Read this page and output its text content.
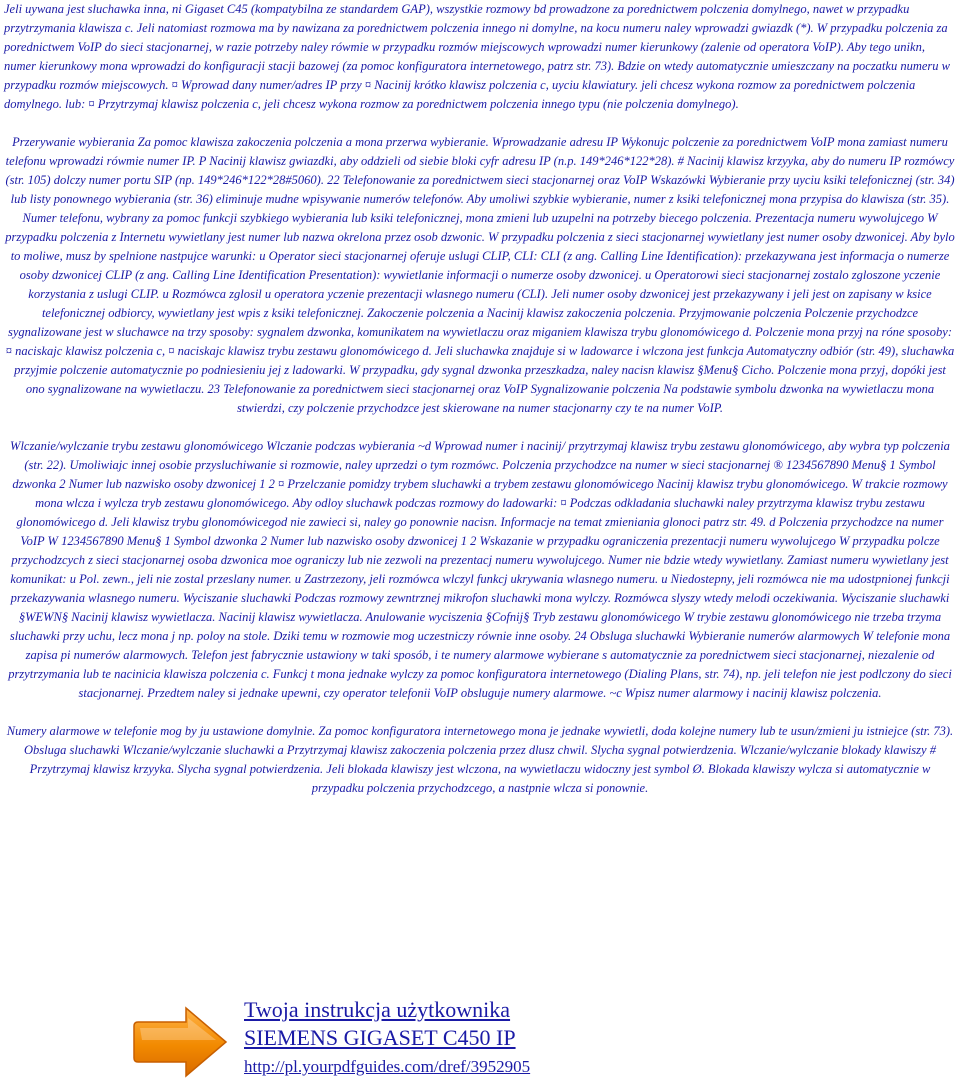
Jeli uywana jest sluchawka inna, ni Gigaset C45 (kompatybilna ze standardem GAP), wszystkie rozmowy bd prowadzone za porednictwem polczenia domylnego, nawet w przypadku przytrzymania klawisza c. Jeli natomiast rozmowa ma by nawizana za porednictwem polczenia innego ni domylne, na kocu numeru naley wprowadzi gwiazdk (*). W przypadku polczenia za porednictwem VoIP do sieci stacjonarnej, w razie potrzeby naley rówmie w przypadku rozmów miejscowych wprowadzi numer kierunkowy (zalenie od operatora VoIP). Aby tego unikn, numer kierunkowy mona wprowadzi do konfiguracji stacji bazowej (za pomoc konfiguratora internetowego, patrz str. 73). Bdzie on wtedy automatycznie umieszczany na poczatku numeru w przypadku rozmów miejscowych. ¤ Wprowad dany numer/adres IP przy ¤ Nacinij krótko klawisz polczenia c, uyciu klawiatury. jeli chcesz wykona rozmow za porednictwem polczenia domylnego. lub: ¤ Przytrzymaj klawisz polczenia c, jeli chcesz wykona rozmow za porednictwem polczenia innego typu (nie polczenia domylnego).

Przerywanie wybierania Za pomoc klawisza zakoczenia polczenia a mona przerwa wybieranie. Wprowadzanie adresu IP Wykonujc polczenie za porednictwem VoIP mona zamiast numeru telefonu wprowadzi rówmie numer IP. P Nacinij klawisz gwiazdki, aby oddzieli od siebie bloki cyfr adresu IP (n.p. 149*246*122*28). # Nacinij klawisz krzyyka, aby do numeru IP rozmówcy (str. 105) dolczy numer portu SIP (np. 149*246*122*28#5060). 22 Telefonowanie za porednictwem sieci stacjonarnej oraz VoIP Wskazówki Wybieranie przy uyciu ksiki telefonicznej (str. 34) lub listy ponownego wybierania (str. 36) eliminuje mudne wpisywanie numerów telefonów. Aby umoliwi szybkie wybieranie, numer z ksiki telefonicznej mona przypisa do klawisza (str. 35). Numer telefonu, wybrany za pomoc funkcji szybkiego wybierania lub ksiki telefonicznej, mona zmieni lub uzupelni na potrzeby biecego polczenia. Prezentacja numeru wywolujcego W przypadku polczenia z Internetu wywietlany jest numer lub nazwa okrelona przez osob dzwonic. W przypadku polczenia z sieci stacjonarnej wywietlany jest numer osoby dzwonicej. Aby bylo to moliwe, musz by spelnione nastpujce warunki: u Operator sieci stacjonarnej oferuje uslugi CLIP, CLI: CLI (z ang. Calling Line Identification): przekazywana jest informacja o numerze osoby dzwonicej CLIP (z ang. Calling Line Identification Presentation): wywietlanie informacji o numerze osoby dzwonicej. u Operatorowi sieci stacjonarnej zostalo zgloszone yczenie korzystania z uslugi CLIP. u Rozmówca zglosil u operatora yczenie prezentacji wlasnego numeru (CLI). Jeli numer osoby dzwonicej jest przekazywany i jeli jest on zapisany w ksice telefonicznej odbiorcy, wywietlany jest wpis z ksiki telefonicznej. Zakoczenie polczenia a Nacinij klawisz zakoczenia polczenia. Przyjmowanie polczenia Polczenie przychodzce sygnalizowane jest w sluchawce na trzy sposoby: sygnalem dzwonka, komunikatem na wywietlaczu oraz miganiem klawisza trybu glonomówicego d. Polczenie mona przyj na róne sposoby: ¤ naciskajc klawisz polczenia c, ¤ naciskajc klawisz trybu zestawu glonomówicego d. Jeli sluchawka znajduje si w ladowarce i wlczona jest funkcja Automatyczny odbiór (str. 49), sluchawka przyjmie polczenie automatycznie po podniesieniu jej z ladowarki. W przypadku, gdy sygnal dzwonka przeszkadza, naley nacisn klawisz §Menu§ Cicho. Polczenie mona przyj, dopóki jest ono sygnalizowane na wywietlaczu. 23 Telefonowanie za porednictwem sieci stacjonarnej oraz VoIP Sygnalizowanie polczenia Na podstawie symbolu dzwonka na wywietlaczu mona stwierdzi, czy polczenie przychodzce jest skierowane na numer stacjonarny czy te na numer VoIP.

Wlczanie/wylczanie trybu zestawu glonomówicego Wlczanie podczas wybierania ~d Wprowad numer i nacinij/ przytrzymaj klawisz trybu zestawu glonomówicego, aby wybra typ polczenia (str. 22). Umoliwiajc innej osobie przysluchiwanie si rozmowie, naley uprzedzi o tym rozmówc. Polczenia przychodzce na numer w sieci stacjonarnej ® 1234567890 Menu§ 1 Symbol dzwonka 2 Numer lub nazwisko osoby dzwonicej 1 2 ¤ Przelczanie pomidzy trybem sluchawki a trybem zestawu glonomówicego Nacinij klawisz trybu glonomówicego. W trakcie rozmowy mona wlcza i wylcza tryb zestawu glonomówicego. Aby odloy sluchawk podczas rozmowy do ladowarki: ¤ Podczas odkladania sluchawki naley przytrzyma klawisz trybu zestawu glonomówicego d. Jeli klawisz trybu glonomówicegod nie zawieci si, naley go ponownie nacisn. Informacje na temat zmieniania glonoci patrz str. 49. d Polczenia przychodzce na numer VoIP W 1234567890 Menu§ 1 Symbol dzwonka 2 Numer lub nazwisko osoby dzwonicej 1 2 Wskazanie w przypadku ograniczenia prezentacji numeru wywolujcego W przypadku polcze przychodzcych z sieci stacjonarnej osoba dzwonica moe ograniczy lub nie zezwoli na prezentacj numeru wywolujcego. Numer nie bdzie wtedy wywietlany. Zamiast numeru wywietlany jest komunikat: u Pol. zewn., jeli nie zostal przeslany numer. u Zastrzezony, jeli rozmówca wlczyl funkcj ukrywania wlasnego numeru. u Niedostepny, jeli rozmówca nie ma udostpnionej funkcji przekazywania wlasnego numeru. Wyciszanie sluchawki Podczas rozmowy zewntrznej mikrofon sluchawki mona wylczy. Rozmówca slyszy wtedy melodi oczekiwania. Wyciszanie sluchawki §WEWN§ Nacinij klawisz wywietlacza. Nacinij klawisz wywietlacza. Anulowanie wyciszenia §Cofnij§ Tryb zestawu glonomówicego W trybie zestawu glonomówicego nie trzeba trzyma sluchawki przy uchu, lecz mona j np. poloy na stole. Dziki temu w rozmowie mog uczestniczy równie inne osoby. 24 Obsluga sluchawki Wybieranie numerów alarmowych W telefonie mona zapisa pi numerów alarmowych. Telefon jest fabrycznie ustawiony w taki sposób, i te numery alarmowe wybierane s automatycznie za porednictwem sieci stacjonarnej, niezalenie od przytrzymania lub te nacinicia klawisza polczenia c. Funkcj t mona jednake wylczy za pomoc konfiguratora internetowego (Dialing Plans, str. 74), np. jeli telefon nie jest podlczony do sieci stacjonarnej. Przedtem naley si jednake upewni, czy operator telefonii VoIP obsluguje numery alarmowe. ~c Wpisz numer alarmowy i nacinij klawisz polczenia.

Numery alarmowe w telefonie mog by ju ustawione domylnie. Za pomoc konfiguratora internetowego mona je jednake wywietli, doda kolejne numery lub te usun/zmieni ju istniejce (str. 73). Obsluga sluchawki Wlczanie/wylczanie sluchawki a Przytrzymaj klawisz zakoczenia polczenia przez dlusz chwil. Slycha sygnal potwierdzenia. Wlczanie/wylczanie blokady klawiszy # Przytrzymaj klawisz krzyyka. Slycha sygnal potwierdzenia. Jeli blokada klawiszy jest wlczona, na wywietlaczu widoczny jest symbol Ø. Blokada klawiszy wylcza si automatycznie w przypadku polczenia przychodzcego, a nastpnie wlcza si ponownie.

Twoja instrukcja użytkownika
SIEMENS GIGASET C450 IP
http://pl.yourpdfguides.com/dref/3952905
